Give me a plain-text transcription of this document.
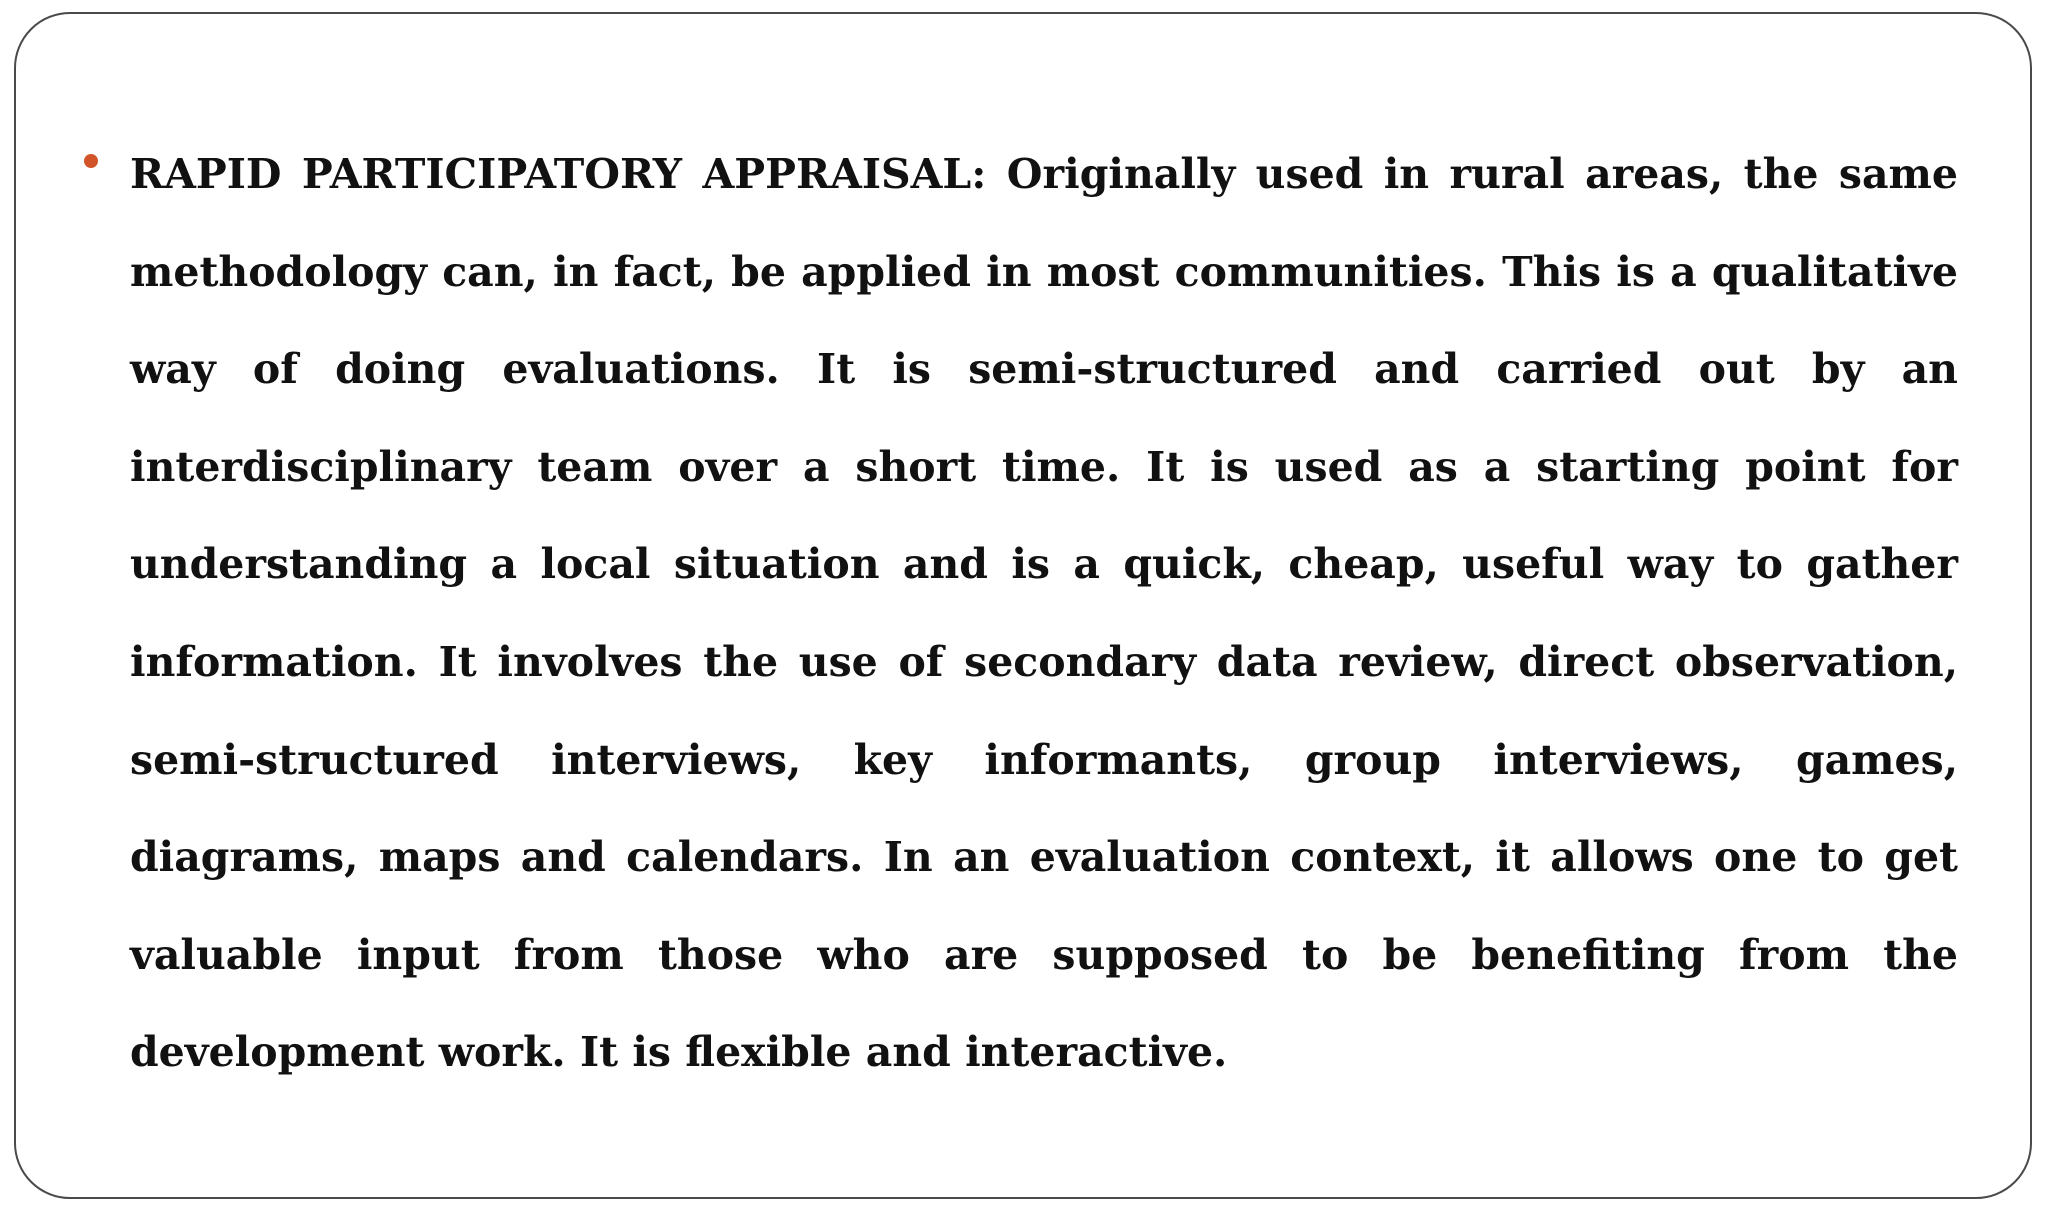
RAPID PARTICIPATORY APPRAISAL: Originally used in rural areas, the same methodology can, in fact, be applied in most communities. This is a qualitative way of doing evaluations. It is semi-structured and carried out by an interdisciplinary team over a short time. It is used as a starting point for understanding a local situation and is a quick, cheap, useful way to gather information. It involves the use of secondary data review, direct observation, semi-structured interviews, key informants, group interviews, games, diagrams, maps and calendars. In an evaluation context, it allows one to get valuable input from those who are supposed to be benefiting from the development work. It is flexible and interactive.
